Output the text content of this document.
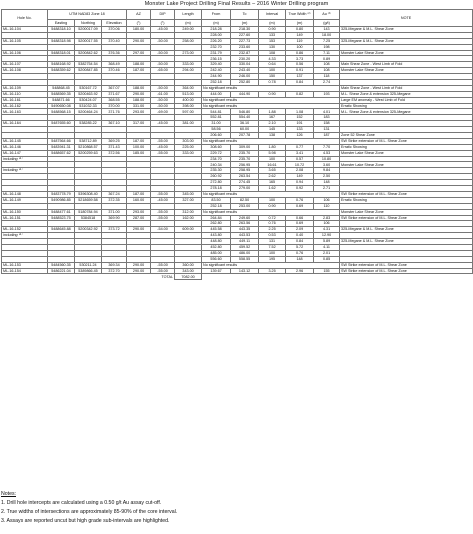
Monster Lake Project Drilling Final Results – 2016 Winter Drilling program
Hole No.	UTM NAD83 Zone 18			AZ	DIP	Length	From	To	Interval	True Width ⁽²⁾	Au ⁽³⁾	NOTE
	Easting	Northing	Elevation	(°)	(°)	(m)	(m)	(m)	(m)	(m)	(g/t)	
ML-16-104	5488318.10	5200017.09	370.06	180.00	-45.00	249.00	218.28	218.30	0.90	0.80	143	325-Megane & M.L. Shear Zone
							228.00	227.60	133	149	18.00	
ML-16-105	5488318.98	5200017.55	370.40	290.00	-50.00	258.00	226.20	227.73	153	119	7.25	325-Megane & M.L. Shear Zone
							232.70	233.60	130	100	198	
ML-16-106	5488318.01	5200842.62	376.36	297.00	-50.00	273.00	231.79	232.87	108	0.86	7.11	Monster Lake Shear Zone
							236.15	230.20	4.33	3.73	0.89	
ML-16-107	5488168.92	5382754.54	368.49	188.00	-50.00	333.00	329.40	330.04	0.64	0.56	108	Main Shear Zone - West Limb of Fold
ML-16-108	5488359.62	5200847.85	370.46	187.00	-65.00	294.00	242.40	243.40	100	0.91	108	Monster Lake Shear Zone
							244.90	246.00	150	137	118	
							252.18	252.80	0.78	0.84	2.74	
ML-16-109	548868.45	530167.72	367.07	188.00	-50.00	364.00	No significant results					Main Shear Zone - West Limb of Fold
ML-16-110	5488569.35	5200463.92	371.67	290.00	-61.00	513.00	444.00	444.90	0.90	0.82	193	M.L. Shear Zone & extension 325-Megane
ML-16-161	548871.66	530424.07	368.55	188.00	-50.00	400.00	No significant results					Large EM anomaly - West Limb of Fold
ML-16-162	5490650.08	531032.33	370.00	331.00	-50.00	398.00	No significant results					Erratic Showing
ML-16-163	5488568.15	5200464.24	371.76	293.00	-69.00	597.00	544.81	546.80	1.88	1.08	4.01	M.L. Shear Zone & extension 325-Megane
							552.81	554.40	167	152	183	
ML-16-164	5487655.60	538285.22	367.10	317.00	-45.00	381.00	31.00	36.10	2.10	191	158	
							58.56	60.00	145	133	131	
							206.60	207.78	138	126	187	Zone 52 Shear Zone
ML-16-145	5487564.66	538712.89	369.25	187.00	-55.00	303.00	No significant results					SW Strike extension of M.L. Shear Zone
ML-16-146	5483941.31	5210868.57	371.43	100.00	-45.00	225.00	308.60	309.00	1.80	0.77	7.70	Erratic Showing
ML-16-147	5488657.62	5200259.63	372.56	185.00	-55.00	333.00	229.72	235.70	5.98	3.41	4.53	Monster Lake Shear Zone
including ⁽⁴⁾							234.70	235.70	100	0.57	10.80	
							240.34	256.95	16.61	10.72	3.60	Monster Lake Shear Zone
including ⁽⁴⁾							235.30	258.95	3.65	2.08	9.84	
							260.92	263.54	2.62	149	2.50	
							272.80	274.45	165	0.94	148	
							278.18	279.00	1.62	0.92	2.71	
ML-16-148	5483778.79	5396308.40	367.24	187.00	-55.00	345.00	No significant results					SW Strike extension of M.L. Shear Zone
ML-16-149	5490986.85	5218659.58	372.35	160.00	-45.00	327.00	83.50	82.50	100	0.76	106	Erratic Showing
							252.18	253.00	0.90	0.69	110	
ML-16-150	5488477.61	5180784.94	371.00	293.00	-55.00	312.00	No significant results					Monster Lake Shear Zone
ML-16-151	5488523.75	5384518	369.90	287.00	-55.00	162.00	264.84	249.60	0.72	0.66	2.83	SW Strike extension of M.L. Shear Zone
							262.80	263.56	0.76	0.69	106	
ML-16-152	5488645.88	5200342.92	373.72	290.00	-54.00	609.00	445.58	443.35	2.25	2.09	4.31	325-Megane & M.L. Shear Zone
including ⁽⁴⁾							443.80	443.53	0.53	0.40	12.90	
							448.80	449.11	131	0.84	5.89	325-Megane & M.L. Shear Zone
							452.80	459.52	7.52	5.72	4.11	
							485.00	486.00	100	0.76	2.01	
							556.60	558.55	195	148	0.85	
ML-16-153	5484560.35	530211.24	369.34	290.00	-55.00	360.00	No significant results					SW Strike extension of M.L. Shear Zone
ML-16-154	5486221.04	5389866.45	372.70	290.00	-55.00	343.00	139.67	143.12	3.25	2.96	155	SW Strike extension of M.L. Shear Zone
TOTAL						7082.00						
Notes:
1. Drill hole intercepts are calculated using a 0.50 g/t Au assay cut-off.
2. True widths of intersections are approximately 85-90% of the core interval.
3. Assays are reported uncut but high grade sub-intervals are highlighted.
